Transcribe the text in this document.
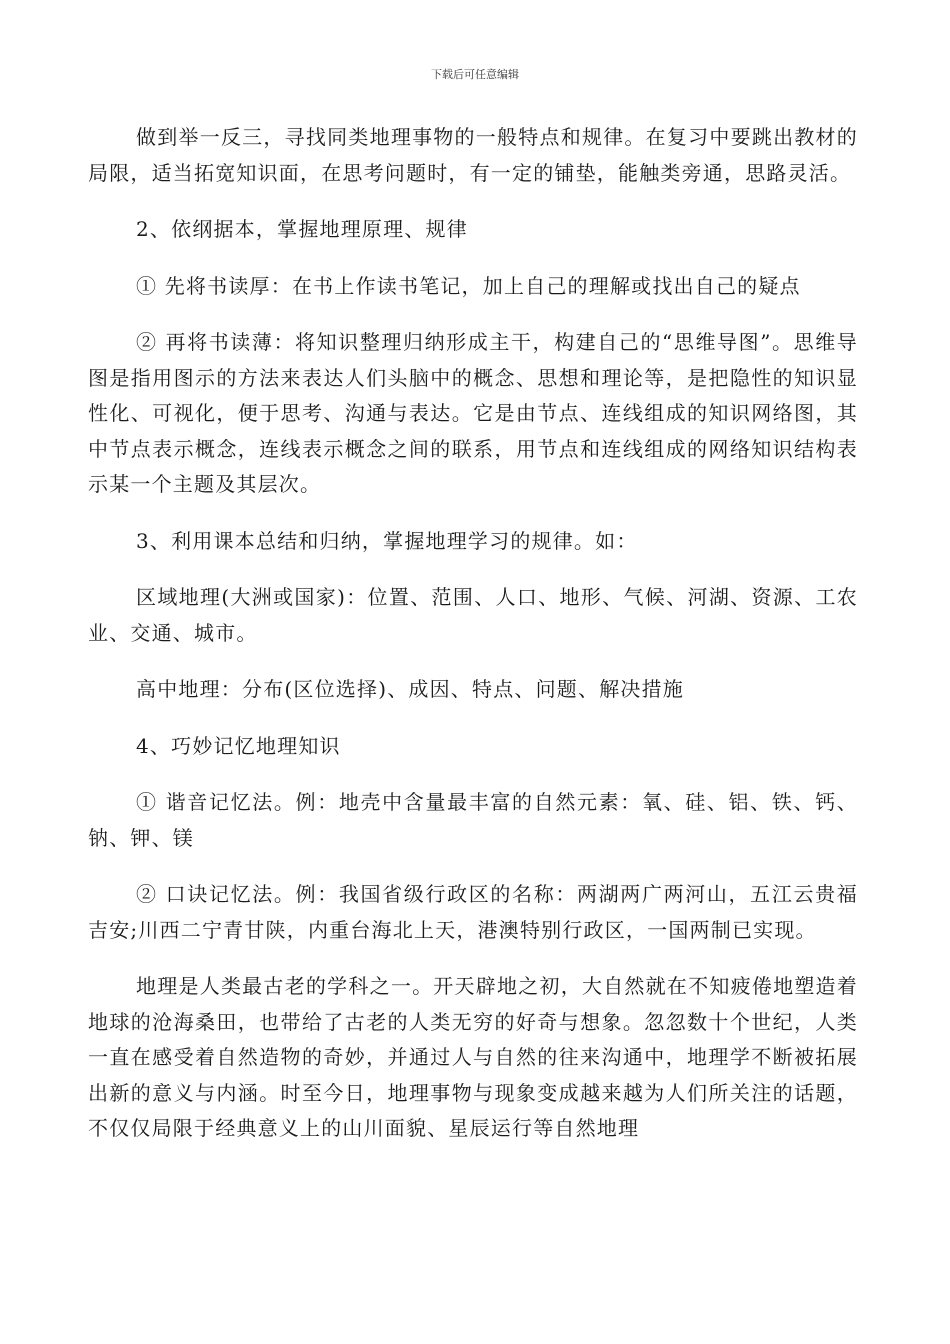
下载后可任意编辑

做到举一反三，寻找同类地理事物的一般特点和规律。在复习中要跳出教材的局限，适当拓宽知识面，在思考问题时，有一定的铺垫，能触类旁通，思路灵活。

2、依纲据本，掌握地理原理、规律

① 先将书读厚：在书上作读书笔记，加上自己的理解或找出自己的疑点

② 再将书读薄：将知识整理归纳形成主干，构建自己的“思维导图”。思维导图是指用图示的方法来表达人们头脑中的概念、思想和理论等，是把隐性的知识显性化、可视化，便于思考、沟通与表达。它是由节点、连线组成的知识网络图，其中节点表示概念，连线表示概念之间的联系，用节点和连线组成的网络知识结构表示某一个主题及其层次。

3、利用课本总结和归纳，掌握地理学习的规律。如：

区域地理(大洲或国家)：位置、范围、人口、地形、气候、河湖、资源、工农业、交通、城市。

高中地理：分布(区位选择)、成因、特点、问题、解决措施

4、巧妙记忆地理知识

① 谐音记忆法。例：地壳中含量最丰富的自然元素：氧、硅、铝、铁、钙、钠、钾、镁

② 口诀记忆法。例：我国省级行政区的名称：两湖两广两河山，五江云贵福吉安;川西二宁青甘陕，内重台海北上天，港澳特别行政区，一国两制已实现。

地理是人类最古老的学科之一。开天辟地之初，大自然就在不知疲倦地塑造着地球的沧海桑田，也带给了古老的人类无穷的好奇与想象。忽忽数十个世纪，人类一直在感受着自然造物的奇妙，并通过人与自然的往来沟通中，地理学不断被拓展出新的意义与内涵。时至今日，地理事物与现象变成越来越为人们所关注的话题，不仅仅局限于经典意义上的山川面貌、星辰运行等自然地理
